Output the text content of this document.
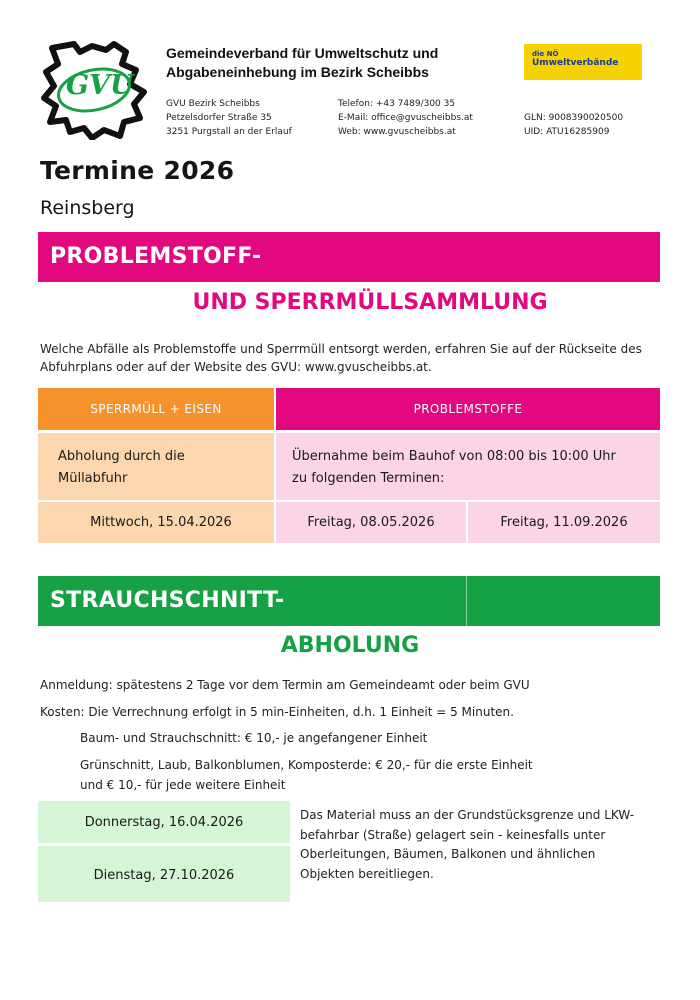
GVU
Gemeindeverband für Umweltschutz und
Abgabeneinhebung im Bezirk Scheibbs
GVU Bezirk Scheibbs
Petzelsdorfer Straße 35
3251 Purgstall an der Erlauf
Telefon: +43 7489/300 35
E-Mail: office@gvuscheibbs.at
Web: www.gvuscheibbs.at
GLN: 9008390020500
UID: ATU16285909
die NÖ
Umweltverbände
Termine 2026
Reinsberg
PROBLEMSTOFF-
UND SPERRMÜLLSAMMLUNG
Welche Abfälle als Problemstoffe und Sperrmüll entsorgt werden, erfahren Sie auf der Rückseite des Abfuhrplans oder auf der Website des GVU: www.gvuscheibbs.at.
SPERRMÜLL + EISEN	PROBLEMSTOFFE
Abholung durch die
Müllabfuhr
Übernahme beim Bauhof von 08:00 bis 10:00 Uhr
zu folgenden Terminen:
Mittwoch, 15.04.2026	Freitag, 08.05.2026	Freitag, 11.09.2026
STRAUCHSCHNITT-
ABHOLUNG
Anmeldung: spätestens 2 Tage vor dem Termin am Gemeindeamt oder beim GVU
Kosten: Die Verrechnung erfolgt in 5 min-Einheiten, d.h. 1 Einheit = 5 Minuten.
Baum- und Strauchschnitt: € 10,- je angefangener Einheit
Grünschnitt, Laub, Balkonblumen, Komposterde: € 20,- für die erste Einheit
und € 10,- für jede weitere Einheit
Donnerstag, 16.04.2026
Dienstag, 27.10.2026
Das Material muss an der Grundstücksgrenze und LKW-befahrbar (Straße) gelagert sein - keinesfalls unter Oberleitungen, Bäumen, Balkonen und ähnlichen Objekten bereitliegen.
